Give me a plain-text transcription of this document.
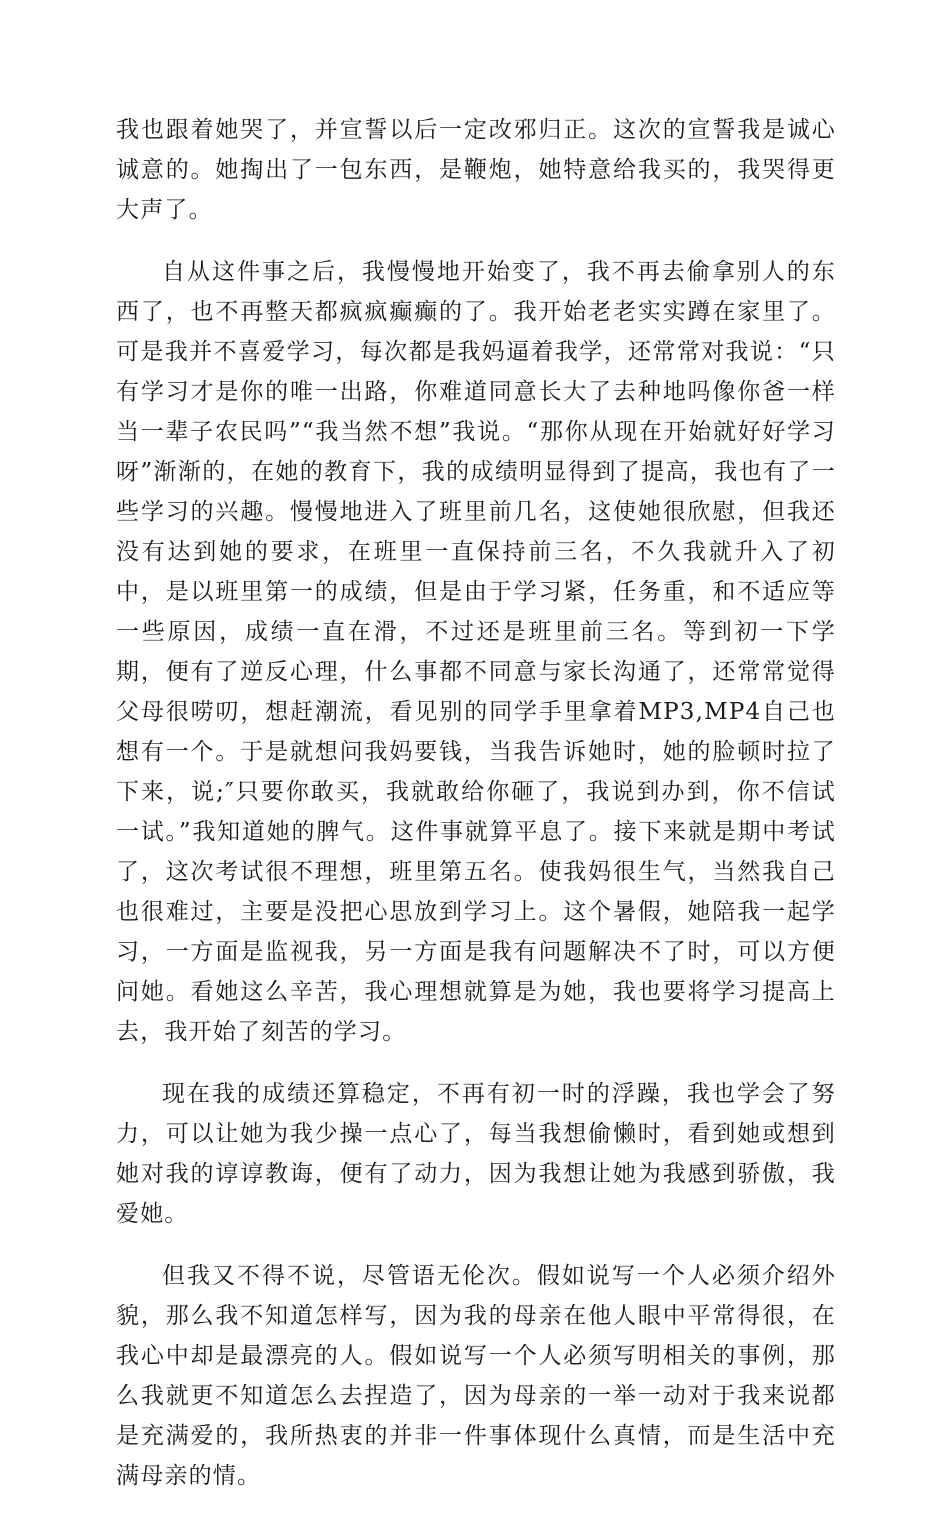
我也跟着她哭了，并宣誓以后一定改邪归正。这次的宣誓我是诚心诚意的。她掏出了一包东西，是鞭炮，她特意给我买的，我哭得更大声了。

自从这件事之后，我慢慢地开始变了，我不再去偷拿别人的东西了，也不再整天都疯疯癫癫的了。我开始老老实实蹲在家里了。可是我并不喜爱学习，每次都是我妈逼着我学，还常常对我说：“只有学习才是你的唯一出路，你难道同意长大了去种地吗像你爸一样当一辈子农民吗”“我当然不想”我说。“那你从现在开始就好好学习呀”渐渐的，在她的教育下，我的成绩明显得到了提高，我也有了一些学习的兴趣。慢慢地进入了班里前几名，这使她很欣慰，但我还没有达到她的要求，在班里一直保持前三名，不久我就升入了初中，是以班里第一的成绩，但是由于学习紧，任务重，和不适应等一些原因，成绩一直在滑，不过还是班里前三名。等到初一下学期，便有了逆反心理，什么事都不同意与家长沟通了，还常常觉得父母很唠叨，想赶潮流，看见别的同学手里拿着MP3,MP4自己也想有一个。于是就想问我妈要钱，当我告诉她时，她的脸顿时拉了下来，说;″只要你敢买，我就敢给你砸了，我说到办到，你不信试一试。”我知道她的脾气。这件事就算平息了。接下来就是期中考试了，这次考试很不理想，班里第五名。使我妈很生气，当然我自己也很难过，主要是没把心思放到学习上。这个暑假，她陪我一起学习，一方面是监视我，另一方面是我有问题解决不了时，可以方便问她。看她这么辛苦，我心理想就算是为她，我也要将学习提高上去，我开始了刻苦的学习。

现在我的成绩还算稳定，不再有初一时的浮躁，我也学会了努力，可以让她为我少操一点心了，每当我想偷懒时，看到她或想到她对我的谆谆教诲，便有了动力，因为我想让她为我感到骄傲，我爱她。

但我又不得不说，尽管语无伦次。假如说写一个人必须介绍外貌，那么我不知道怎样写，因为我的母亲在他人眼中平常得很，在我心中却是最漂亮的人。假如说写一个人必须写明相关的事例，那么我就更不知道怎么去捏造了，因为母亲的一举一动对于我来说都是充满爱的，我所热衷的并非一件事体现什么真情，而是生活中充满母亲的情。
